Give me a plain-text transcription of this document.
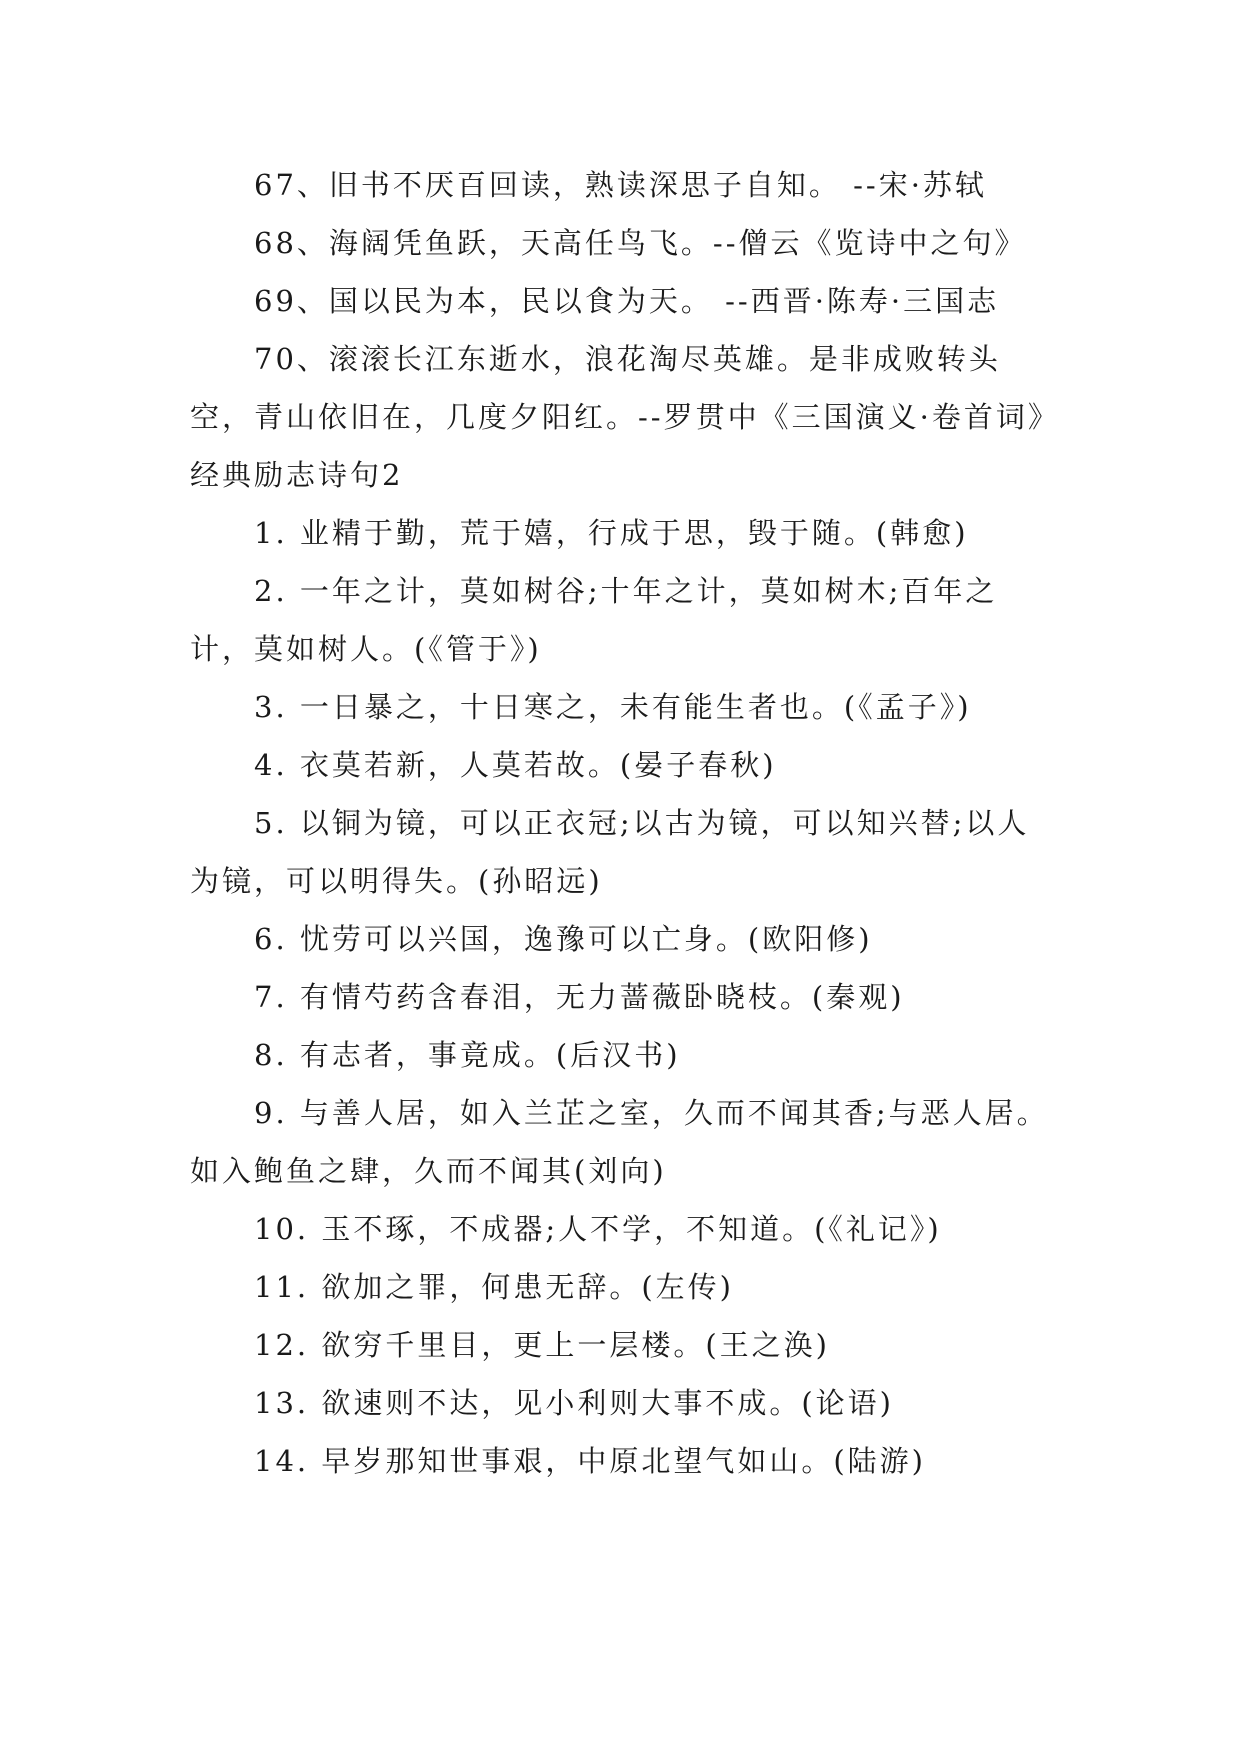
67、旧书不厌百回读，熟读深思子自知。 --宋·苏轼

68、海阔凭鱼跃，天高任鸟飞。--僧云《览诗中之句》

69、国以民为本，民以食为天。 --西晋·陈寿·三国志

70、滚滚长江东逝水，浪花淘尽英雄。是非成败转头空，青山依旧在，几度夕阳红。--罗贯中《三国演义·卷首词》

经典励志诗句2

1. 业精于勤，荒于嬉，行成于思，毁于随。(韩愈)

2. 一年之计，莫如树谷;十年之计，莫如树木;百年之计，莫如树人。(《管于》)

3. 一日暴之，十日寒之，未有能生者也。(《孟子》)

4. 衣莫若新，人莫若故。(晏子春秋)

5. 以铜为镜，可以正衣冠;以古为镜，可以知兴替;以人为镜，可以明得失。(孙昭远)

6. 忧劳可以兴国，逸豫可以亡身。(欧阳修)

7. 有情芍药含春泪，无力蔷薇卧晓枝。(秦观)

8. 有志者，事竟成。(后汉书)

9. 与善人居，如入兰芷之室，久而不闻其香;与恶人居。如入鲍鱼之肆，久而不闻其(刘向)

10. 玉不琢，不成器;人不学，不知道。(《礼记》)

11. 欲加之罪，何患无辞。(左传)

12. 欲穷千里目，更上一层楼。(王之涣)

13. 欲速则不达，见小利则大事不成。(论语)

14. 早岁那知世事艰，中原北望气如山。(陆游)
